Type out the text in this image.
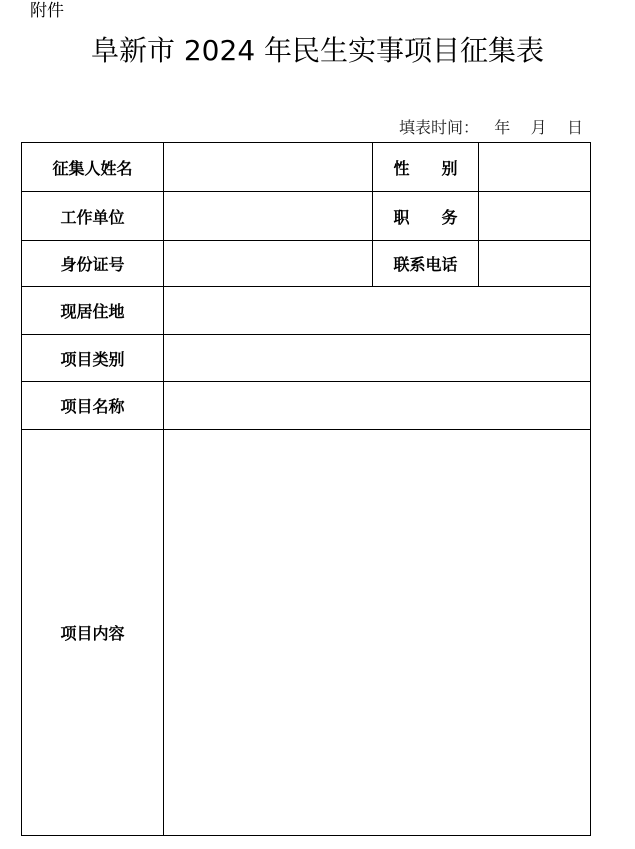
附件
阜新市 2024 年民生实事项目征集表
填表时间： 年 月 日
征集人姓名		性　　别	
工作单位		职　　务	
身份证号		联系电话	
现居住地			
项目类别			
项目名称			
项目内容			
